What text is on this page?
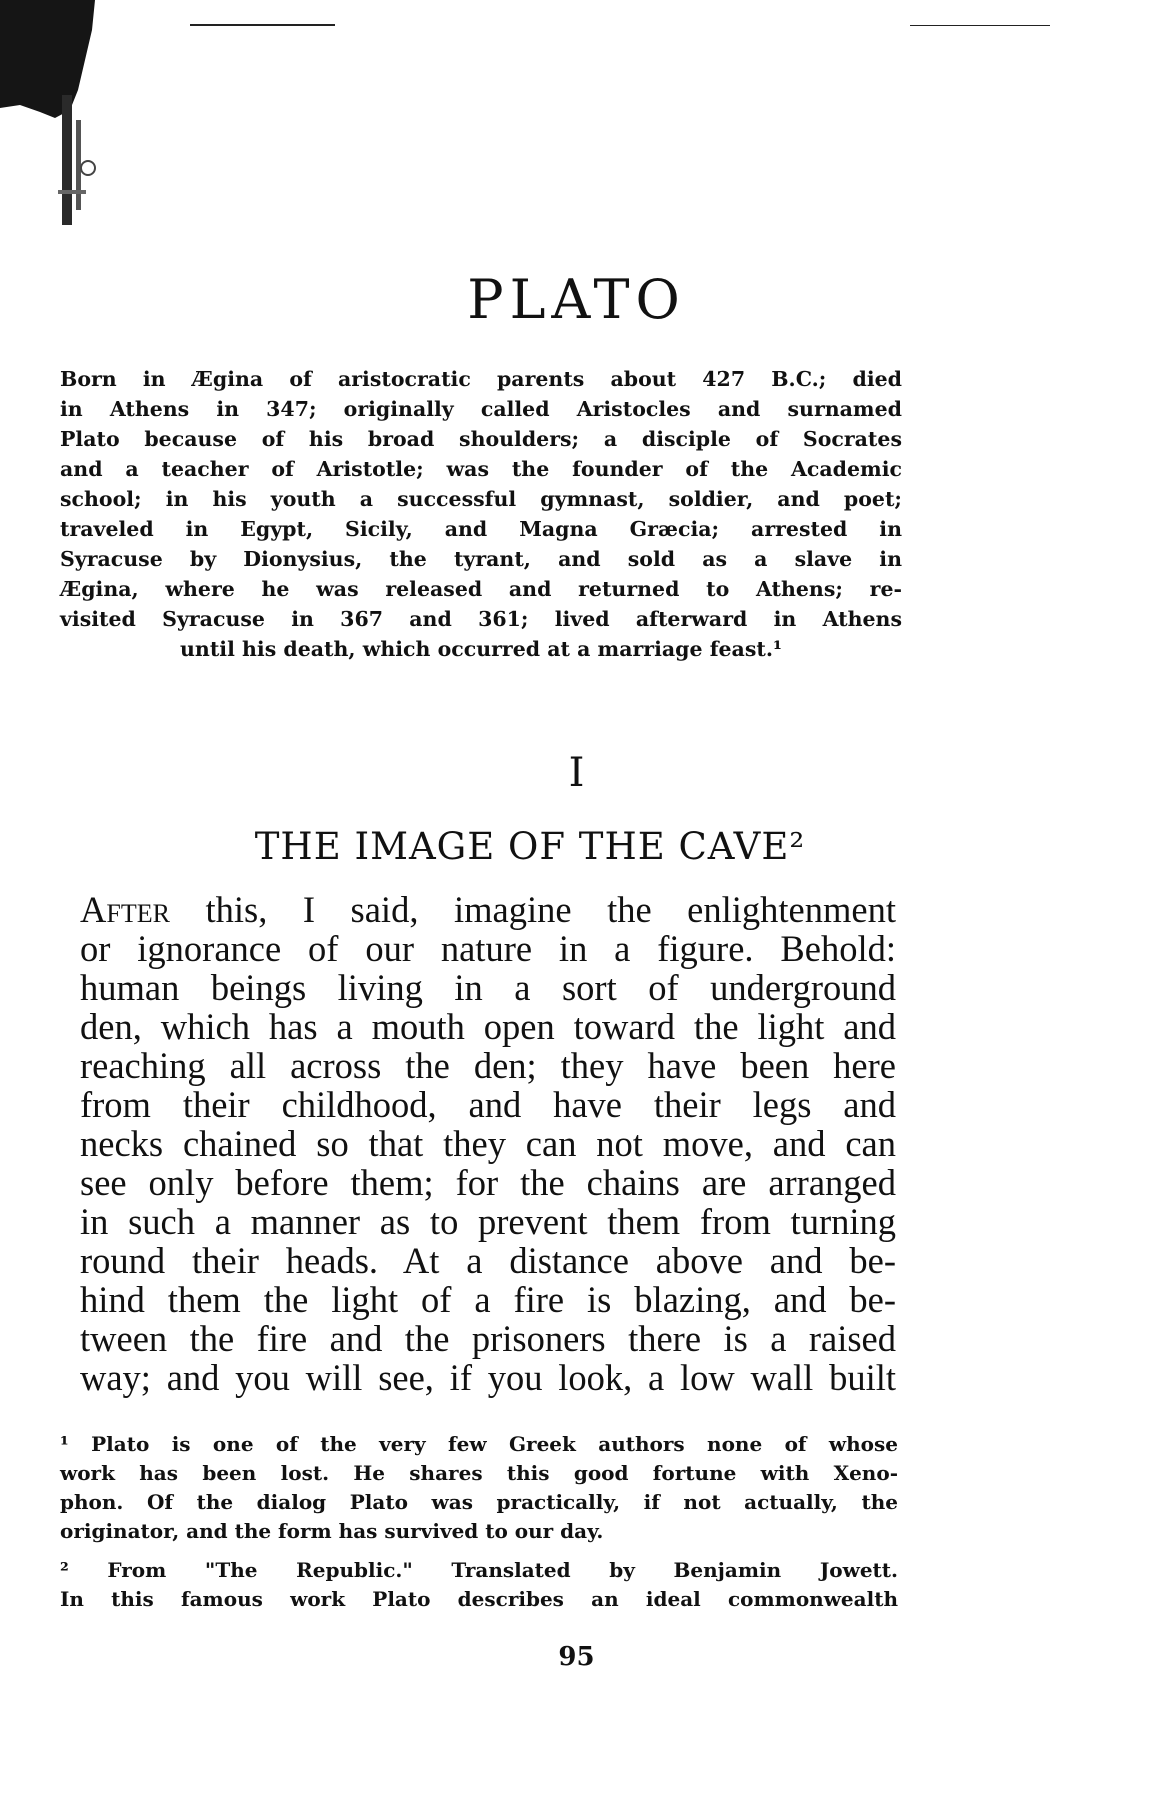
PLATO
Born in Ægina of aristocratic parents about 427 B.C.; died
in Athens in 347; originally called Aristocles and surnamed
Plato because of his broad shoulders; a disciple of Socrates
and a teacher of Aristotle; was the founder of the Academic
school; in his youth a successful gymnast, soldier, and poet;
traveled in Egypt, Sicily, and Magna Græcia; arrested in
Syracuse by Dionysius, the tyrant, and sold as a slave in
Ægina, where he was released and returned to Athens; re-
visited Syracuse in 367 and 361; lived afterward in Athens
until his death, which occurred at a marriage feast.¹
I
THE IMAGE OF THE CAVE²
After this, I said, imagine the enlightenment
or ignorance of our nature in a figure. Behold:
human beings living in a sort of underground
den, which has a mouth open toward the light and
reaching all across the den; they have been here
from their childhood, and have their legs and
necks chained so that they can not move, and can
see only before them; for the chains are arranged
in such a manner as to prevent them from turning
round their heads. At a distance above and be-
hind them the light of a fire is blazing, and be-
tween the fire and the prisoners there is a raised
way; and you will see, if you look, a low wall built
¹ Plato is one of the very few Greek authors none of whose
work has been lost. He shares this good fortune with Xeno-
phon. Of the dialog Plato was practically, if not actually, the
originator, and the form has survived to our day.
² From "The Republic." Translated by Benjamin Jowett.
In this famous work Plato describes an ideal commonwealth
95
